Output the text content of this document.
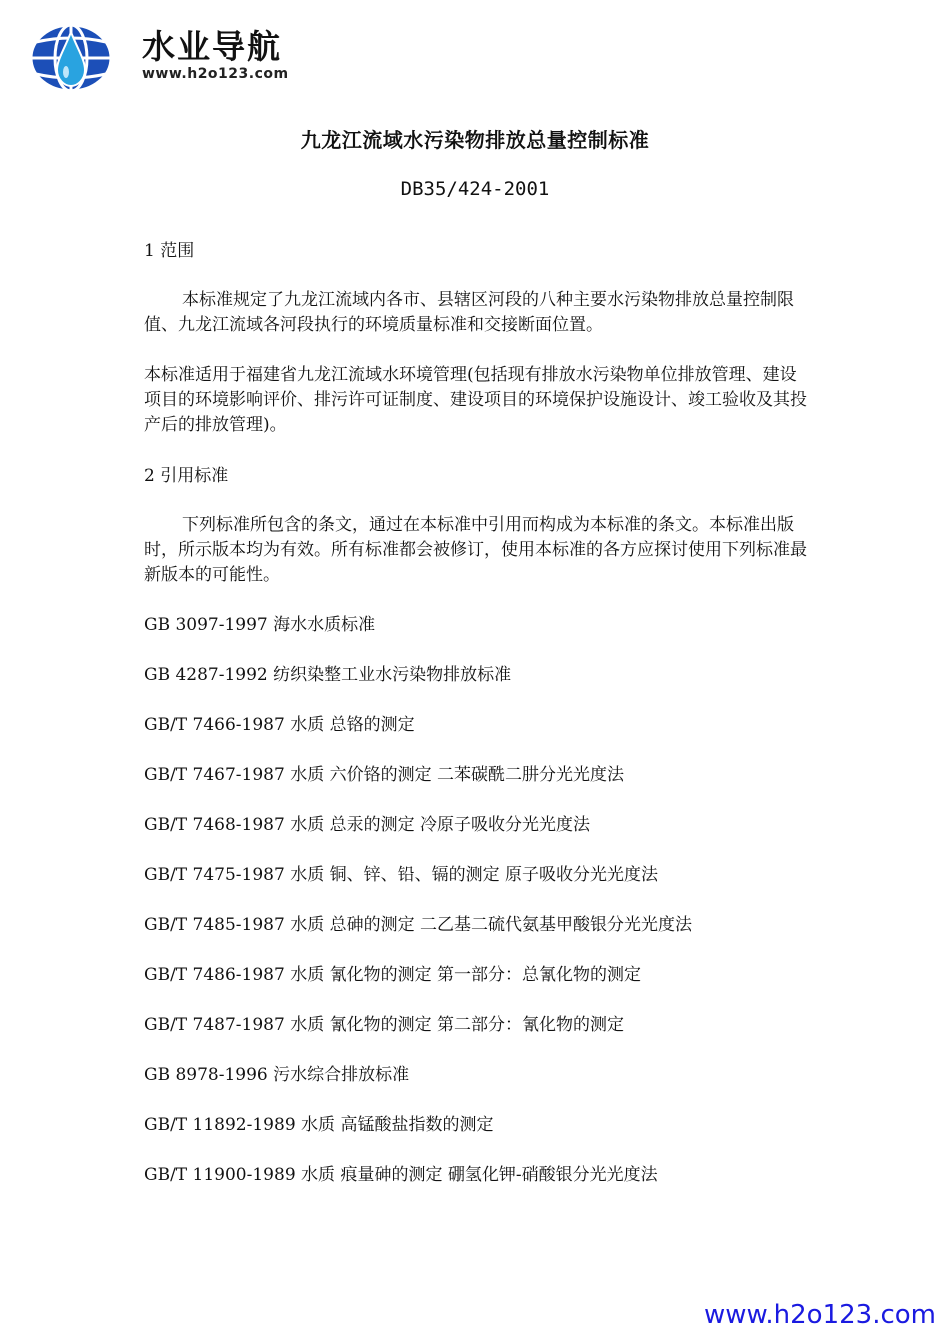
水业导航
www.h2o123.com
九龙江流域水污染物排放总量控制标准
DB35/424-2001
1 范围
本标准规定了九龙江流域内各市、县辖区河段的八种主要水污染物排放总量控制限值、九龙江流域各河段执行的环境质量标准和交接断面位置。
本标准适用于福建省九龙江流域水环境管理(包括现有排放水污染物单位排放管理、建设项目的环境影响评价、排污许可证制度、建设项目的环境保护设施设计、竣工验收及其投产后的排放管理)。
2 引用标准
下列标准所包含的条文，通过在本标准中引用而构成为本标准的条文。本标准出版时，所示版本均为有效。所有标准都会被修订，使用本标准的各方应探讨使用下列标准最新版本的可能性。
GB 3097-1997 海水水质标准
GB 4287-1992 纺织染整工业水污染物排放标准
GB/T 7466-1987 水质 总铬的测定
GB/T 7467-1987 水质 六价铬的测定 二苯碳酰二肼分光光度法
GB/T 7468-1987 水质 总汞的测定 冷原子吸收分光光度法
GB/T 7475-1987 水质 铜、锌、铅、镉的测定 原子吸收分光光度法
GB/T 7485-1987 水质 总砷的测定 二乙基二硫代氨基甲酸银分光光度法
GB/T 7486-1987 水质 氰化物的测定 第一部分：总氰化物的测定
GB/T 7487-1987 水质 氰化物的测定 第二部分：氰化物的测定
GB 8978-1996 污水综合排放标准
GB/T 11892-1989 水质 高锰酸盐指数的测定
GB/T 11900-1989 水质 痕量砷的测定 硼氢化钾-硝酸银分光光度法
www.h2o123.com
